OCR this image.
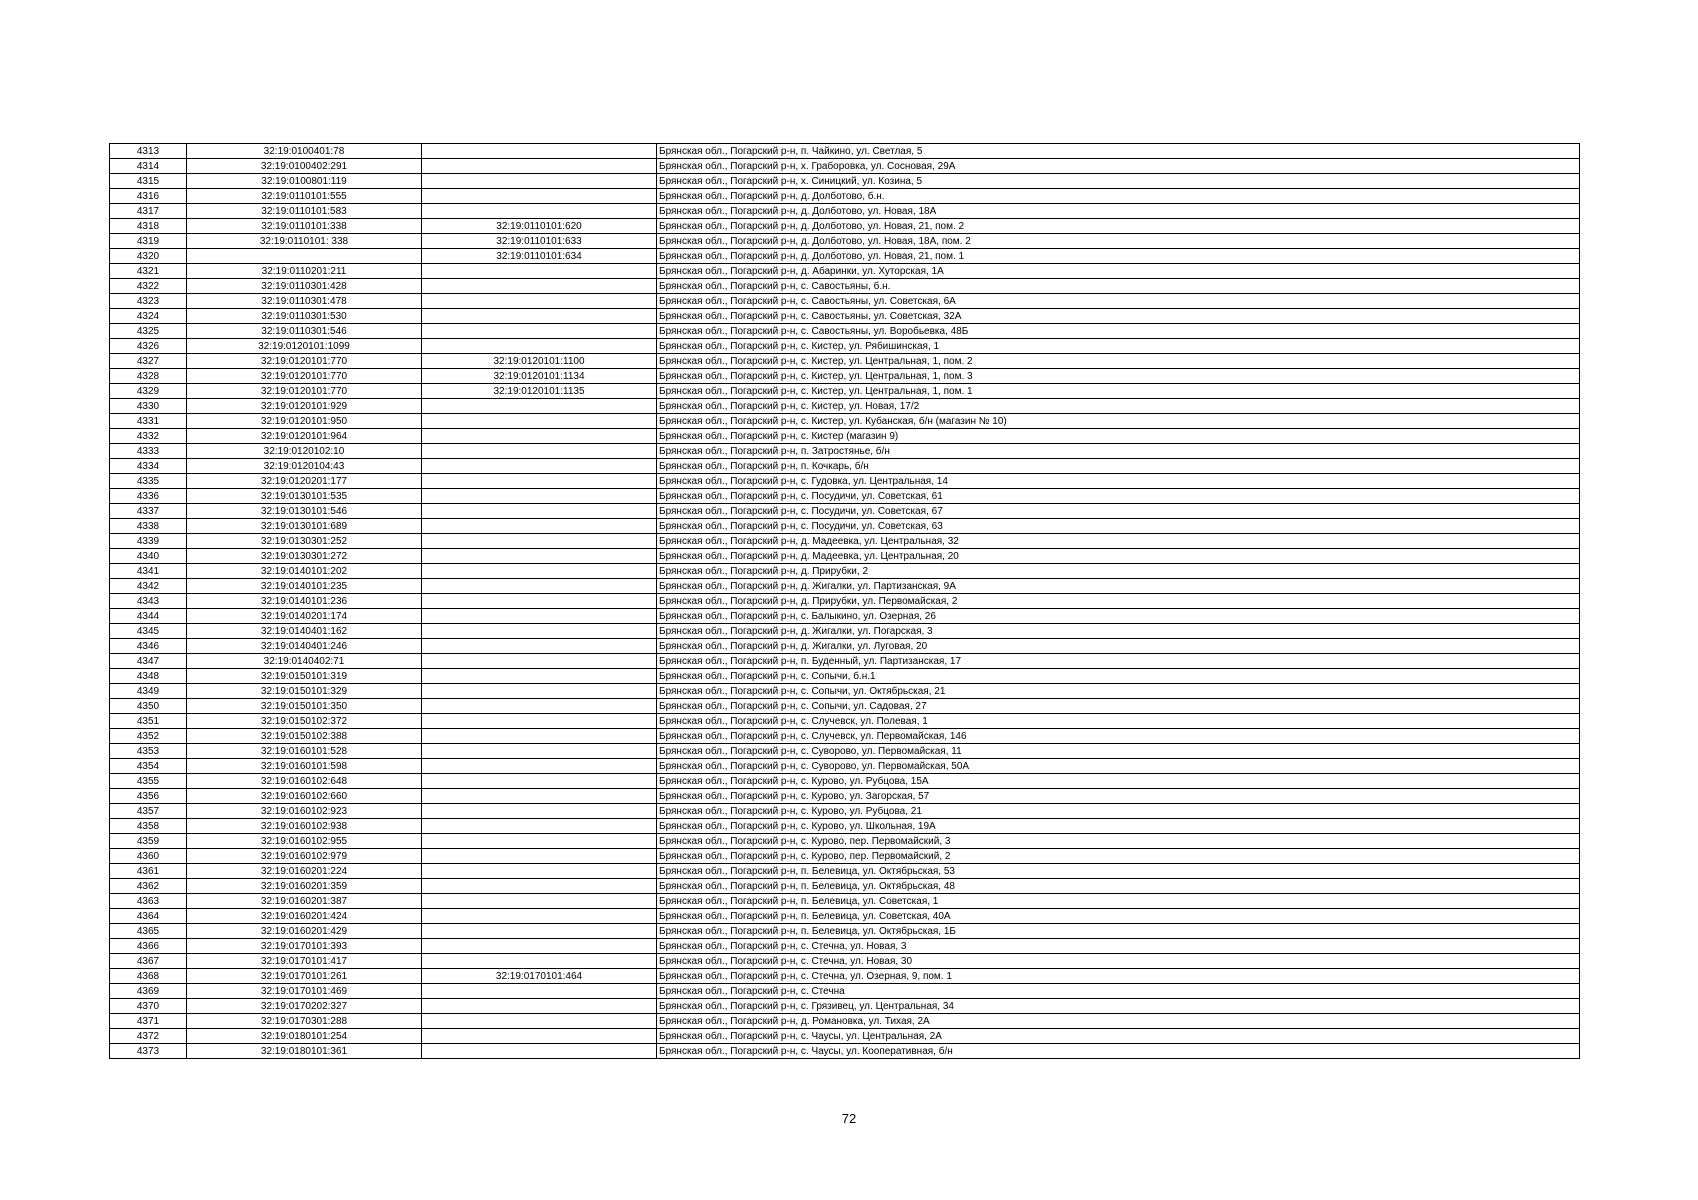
4313	32:19:0100401:78		Брянская обл., Погарский р-н, п. Чайкино, ул. Светлая, 5
4314	32:19:0100402:291		Брянская обл., Погарский р-н, х. Граборовка, ул. Сосновая, 29А
4315	32:19:0100801:119		Брянская обл., Погарский р-н, х. Синицкий, ул. Козина, 5
4316	32:19:0110101:555		Брянская обл., Погарский р-н, д. Долботово, б.н.
4317	32:19:0110101:583		Брянская обл., Погарский р-н, д. Долботово, ул. Новая, 18А
4318	32:19:0110101:338	32:19:0110101:620	Брянская обл., Погарский р-н, д. Долботово, ул. Новая, 21, пом. 2
4319	32:19:0110101: 338	32:19:0110101:633	Брянская обл., Погарский р-н, д. Долботово, ул. Новая, 18А, пом. 2
4320		32:19:0110101:634	Брянская обл., Погарский р-н, д. Долботово, ул. Новая, 21, пом. 1
4321	32:19:0110201:211		Брянская обл., Погарский р-н, д. Абаринки, ул. Хуторская, 1А
4322	32:19:0110301:428		Брянская обл., Погарский р-н, с. Савостьяны, б.н.
4323	32:19:0110301:478		Брянская обл., Погарский р-н, с. Савостьяны, ул. Советская, 6А
4324	32:19:0110301:530		Брянская обл., Погарский р-н, с. Савостьяны, ул. Советская, 32А
4325	32:19:0110301:546		Брянская обл., Погарский р-н, с. Савостьяны, ул. Воробьевка, 48Б
4326	32:19:0120101:1099		Брянская обл., Погарский р-н, с. Кистер, ул. Рябишинская, 1
4327	32:19:0120101:770	32:19:0120101:1100	Брянская обл., Погарский р-н, с. Кистер, ул. Центральная, 1, пом. 2
4328	32:19:0120101:770	32:19:0120101:1134	Брянская обл., Погарский р-н, с. Кистер, ул. Центральная, 1, пом. 3
4329	32:19:0120101:770	32:19:0120101:1135	Брянская обл., Погарский р-н, с. Кистер, ул. Центральная, 1, пом. 1
4330	32:19:0120101:929		Брянская обл., Погарский р-н, с. Кистер, ул. Новая, 17/2
4331	32:19:0120101:950		Брянская обл., Погарский р-н, с. Кистер, ул. Кубанская, б/н (магазин № 10)
4332	32:19:0120101:964		Брянская обл., Погарский р-н, с. Кистер (магазин 9)
4333	32:19:0120102:10		Брянская обл., Погарский р-н, п. Затростянье, б/н
4334	32:19:0120104:43		Брянская обл., Погарский р-н, п. Кочкарь, б/н
4335	32:19:0120201:177		Брянская обл., Погарский р-н, с. Гудовка, ул. Центральная, 14
4336	32:19:0130101:535		Брянская обл., Погарский р-н, с. Посудичи, ул. Советская, 61
4337	32:19:0130101:546		Брянская обл., Погарский р-н, с. Посудичи, ул. Советская, 67
4338	32:19:0130101:689		Брянская обл., Погарский р-н, с. Посудичи, ул. Советская, 63
4339	32:19:0130301:252		Брянская обл., Погарский р-н, д. Мадеевка, ул. Центральная, 32
4340	32:19:0130301:272		Брянская обл., Погарский р-н, д. Мадеевка, ул. Центральная, 20
4341	32:19:0140101:202		Брянская обл., Погарский р-н, д. Прирубки, 2
4342	32:19:0140101:235		Брянская обл., Погарский р-н, д. Жигалки, ул. Партизанская, 9А
4343	32:19:0140101:236		Брянская обл., Погарский р-н, д. Прирубки, ул. Первомайская, 2
4344	32:19:0140201:174		Брянская обл., Погарский р-н, с. Балыкино, ул. Озерная, 26
4345	32:19:0140401:162		Брянская обл., Погарский р-н, д. Жигалки, ул. Погарская, 3
4346	32:19:0140401:246		Брянская обл., Погарский р-н, д. Жигалки, ул. Луговая, 20
4347	32:19:0140402:71		Брянская обл., Погарский р-н, п. Буденный, ул. Партизанская, 17
4348	32:19:0150101:319		Брянская обл., Погарский р-н, с. Сопычи, б.н.1
4349	32:19:0150101:329		Брянская обл., Погарский р-н, с. Сопычи, ул. Октябрьская, 21
4350	32:19:0150101:350		Брянская обл., Погарский р-н, с. Сопычи, ул. Садовая, 27
4351	32:19:0150102:372		Брянская обл., Погарский р-н, с. Случевск, ул. Полевая, 1
4352	32:19:0150102:388		Брянская обл., Погарский р-н, с. Случевск, ул. Первомайская, 146
4353	32:19:0160101:528		Брянская обл., Погарский р-н, с. Суворово, ул. Первомайская, 11
4354	32:19:0160101:598		Брянская обл., Погарский р-н, с. Суворово, ул. Первомайская, 50А
4355	32:19:0160102:648		Брянская обл., Погарский р-н, с. Курово, ул. Рубцова, 15А
4356	32:19:0160102:660		Брянская обл., Погарский р-н, с. Курово, ул. Загорская, 57
4357	32:19:0160102:923		Брянская обл., Погарский р-н, с. Курово, ул. Рубцова, 21
4358	32:19:0160102:938		Брянская обл., Погарский р-н, с. Курово, ул. Школьная, 19А
4359	32:19:0160102:955		Брянская обл., Погарский р-н, с. Курово, пер. Первомайский, 3
4360	32:19:0160102:979		Брянская обл., Погарский р-н, с. Курово, пер. Первомайский, 2
4361	32:19:0160201:224		Брянская обл., Погарский р-н, п. Белевица, ул. Октябрьская, 53
4362	32:19:0160201:359		Брянская обл., Погарский р-н, п. Белевица, ул. Октябрьская, 48
4363	32:19:0160201:387		Брянская обл., Погарский р-н, п. Белевица, ул. Советская, 1
4364	32:19:0160201:424		Брянская обл., Погарский р-н, п. Белевица, ул. Советская, 40А
4365	32:19:0160201:429		Брянская обл., Погарский р-н, п. Белевица, ул. Октябрьская, 1Б
4366	32:19:0170101:393		Брянская обл., Погарский р-н, с. Стечна, ул. Новая, 3
4367	32:19:0170101:417		Брянская обл., Погарский р-н, с. Стечна, ул. Новая, 30
4368	32:19:0170101:261	32:19:0170101:464	Брянская обл., Погарский р-н, с. Стечна, ул. Озерная, 9, пом. 1
4369	32:19:0170101:469		Брянская обл., Погарский р-н, с. Стечна
4370	32:19:0170202:327		Брянская обл., Погарский р-н, с. Грязивец, ул. Центральная, 34
4371	32:19:0170301:288		Брянская обл., Погарский р-н, д. Романовка, ул. Тихая, 2А
4372	32:19:0180101:254		Брянская обл., Погарский р-н, с. Чаусы, ул. Центральная, 2А
4373	32:19:0180101:361		Брянская обл., Погарский р-н, с. Чаусы, ул. Кооперативная, б/н
72
